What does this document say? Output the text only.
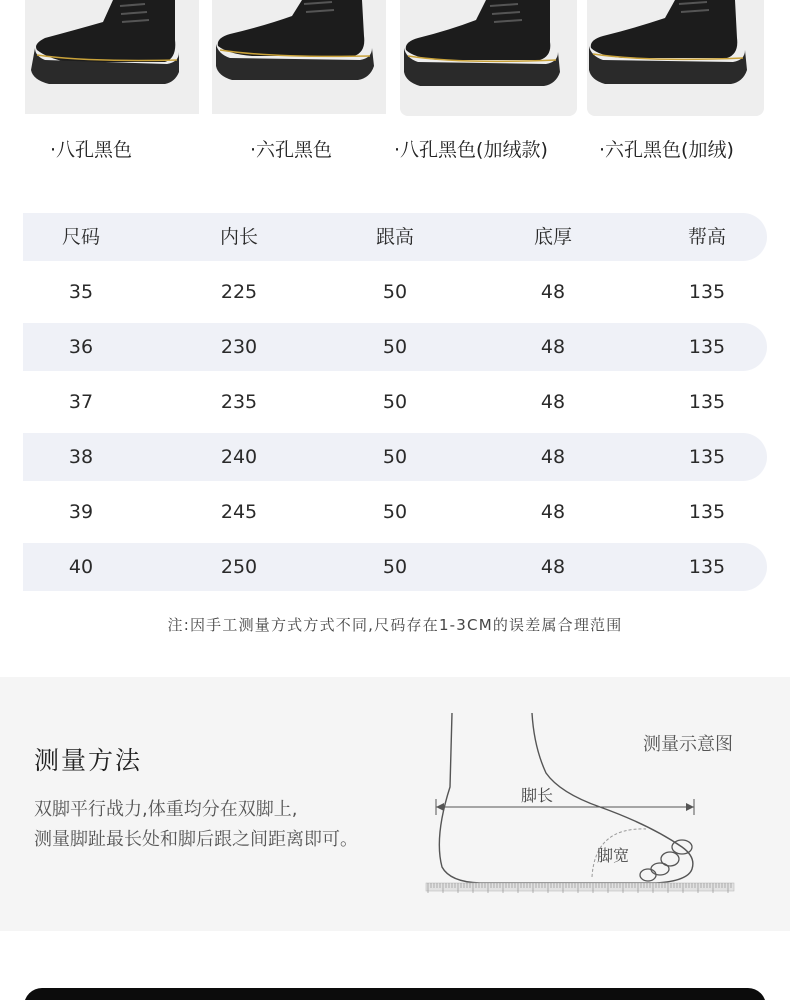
·八孔黑色	·六孔黑色	·八孔黑色(加绒款)	·六孔黑色(加绒)
尺码	内长	跟高	底厚	帮高
35	225	50	48	135
36	230	50	48	135
37	235	50	48	135
38	240	50	48	135
39	245	50	48	135
40	250	50	48	135
注:因手工测量方式方式不同,尺码存在1-3CM的误差属合理范围
测量方法
双脚平行战力,体重均分在双脚上,
测量脚趾最长处和脚后跟之间距离即可。
测量示意图
脚长
脚宽
